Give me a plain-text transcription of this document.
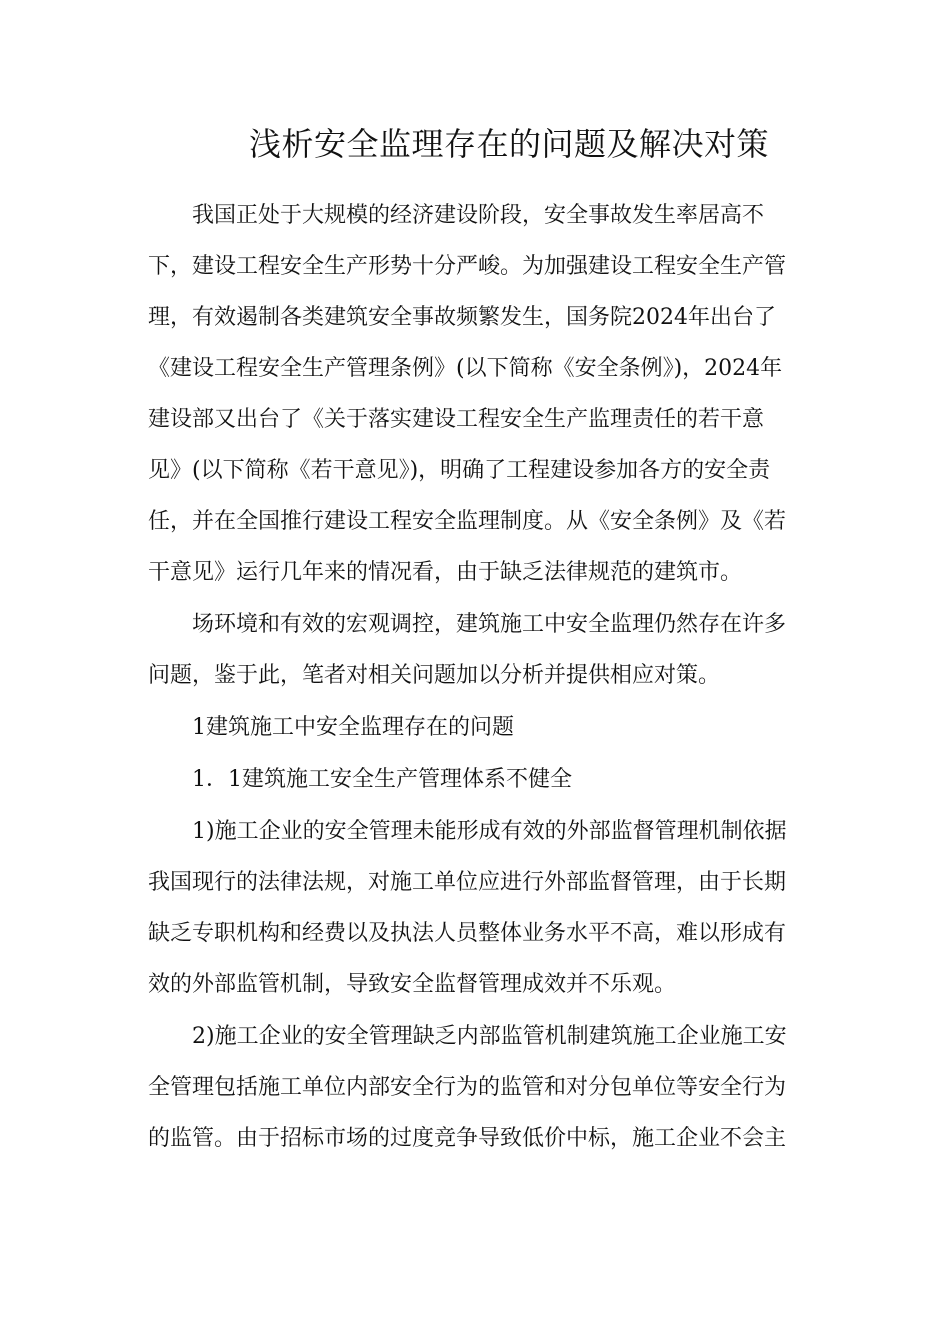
浅析安全监理存在的问题及解决对策
我国正处于大规模的经济建设阶段，安全事故发生率居高不
下，建设工程安全生产形势十分严峻。为加强建设工程安全生产管
理，有效遏制各类建筑安全事故频繁发生，国务院2024年出台了
《建设工程安全生产管理条例》(以下简称《安全条例》)，2024年
建设部又出台了《关于落实建设工程安全生产监理责任的若干意
见》(以下简称《若干意见》)，明确了工程建设参加各方的安全责
任，并在全国推行建设工程安全监理制度。从《安全条例》及《若
干意见》运行几年来的情况看，由于缺乏法律规范的建筑市。
场环境和有效的宏观调控，建筑施工中安全监理仍然存在许多
问题，鉴于此，笔者对相关问题加以分析并提供相应对策。
1建筑施工中安全监理存在的问题
1．1建筑施工安全生产管理体系不健全
1)施工企业的安全管理未能形成有效的外部监督管理机制依据
我国现行的法律法规，对施工单位应进行外部监督管理，由于长期
缺乏专职机构和经费以及执法人员整体业务水平不高，难以形成有
效的外部监管机制，导致安全监督管理成效并不乐观。
2)施工企业的安全管理缺乏内部监管机制建筑施工企业施工安
全管理包括施工单位内部安全行为的监管和对分包单位等安全行为
的监管。由于招标市场的过度竞争导致低价中标，施工企业不会主
